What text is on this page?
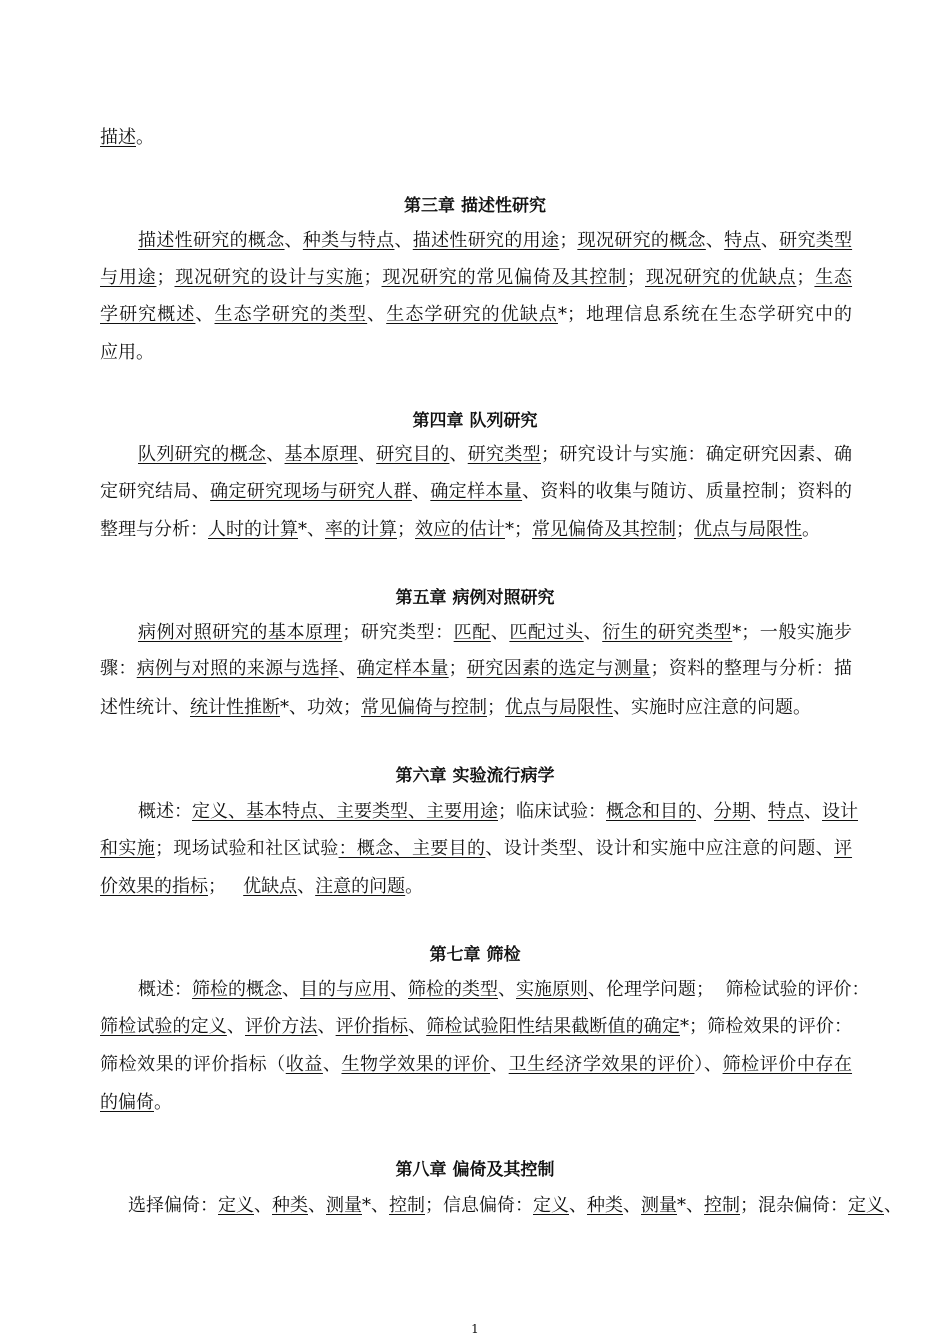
描述。
第三章 描述性研究
描述性研究的概念、种类与特点、描述性研究的用途；现况研究的概念、特点、研究类型
与用途；现况研究的设计与实施；现况研究的常见偏倚及其控制；现况研究的优缺点；生态
学研究概述、生态学研究的类型、生态学研究的优缺点*；地理信息系统在生态学研究中的
应用。
第四章 队列研究
队列研究的概念、基本原理、研究目的、研究类型；研究设计与实施：确定研究因素、确
定研究结局、确定研究现场与研究人群、确定样本量、资料的收集与随访、质量控制；资料的
整理与分析：人时的计算*、率的计算；效应的估计*；常见偏倚及其控制；优点与局限性。
第五章 病例对照研究
病例对照研究的基本原理；研究类型：匹配、匹配过头、衍生的研究类型*；一般实施步
骤：病例与对照的来源与选择、确定样本量；研究因素的选定与测量；资料的整理与分析：描
述性统计、统计性推断*、功效；常见偏倚与控制；优点与局限性、实施时应注意的问题。
第六章 实验流行病学
概述：定义、基本特点、主要类型、主要用途；临床试验：概念和目的、分期、特点、设计
和实施；现场试验和社区试验：概念、主要目的、设计类型、设计和实施中应注意的问题、评
价效果的指标；   优缺点、注意的问题。
第七章 筛检
概述：筛检的概念、目的与应用、筛检的类型、实施原则、伦理学问题；  筛检试验的评价：
筛检试验的定义、评价方法、评价指标、筛检试验阳性结果截断值的确定*；筛检效果的评价：
筛检效果的评价指标（收益、生物学效果的评价、卫生经济学效果的评价）、筛检评价中存在
的偏倚。
第八章 偏倚及其控制
选择偏倚：定义、种类、测量*、控制；信息偏倚：定义、种类、测量*、控制；混杂偏倚：定义、
1
